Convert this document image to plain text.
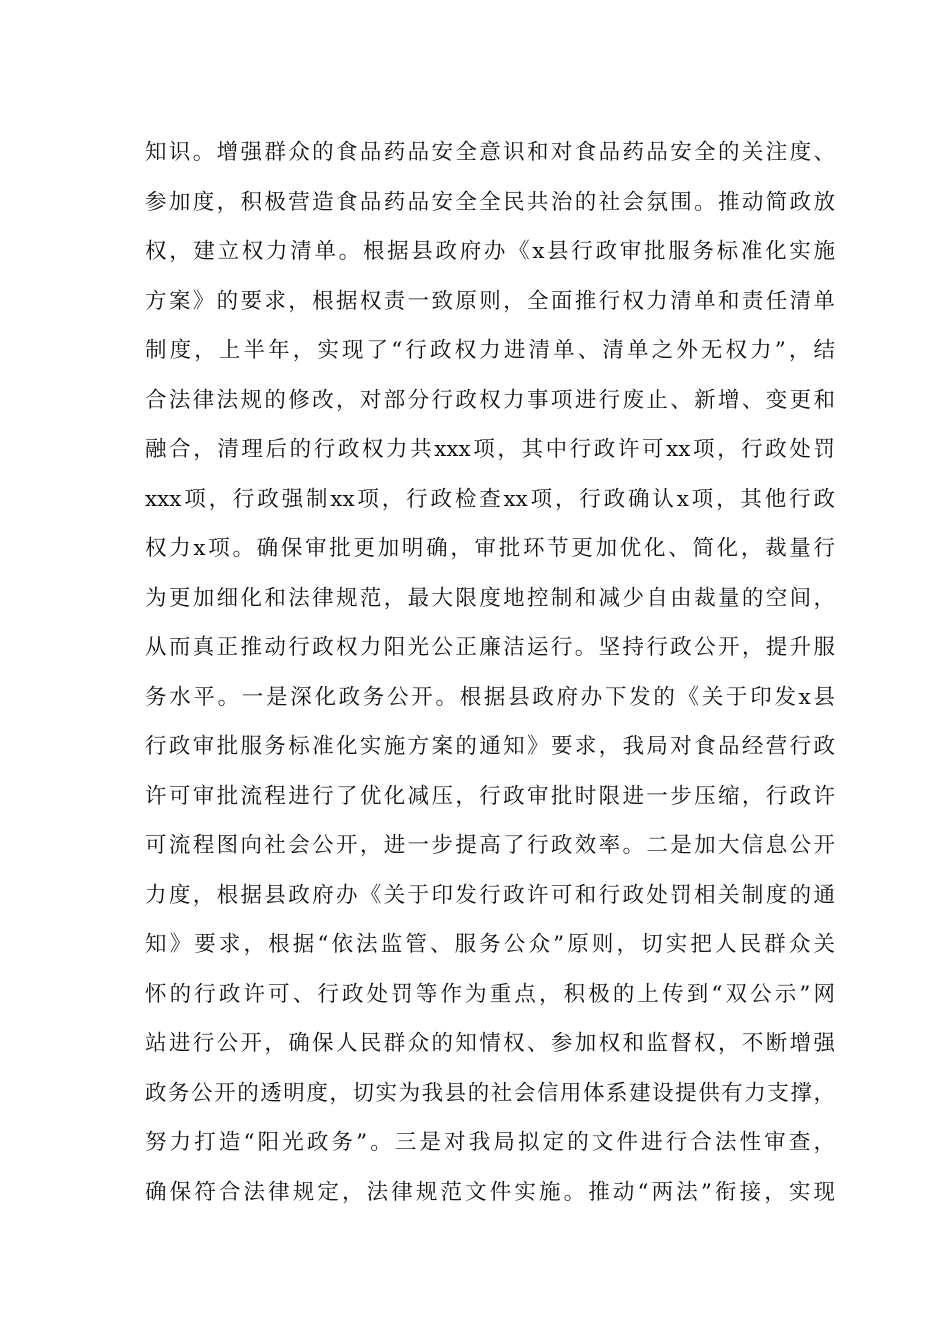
知识。增强群众的食品药品安全意识和对食品药品安全的关注度、
参加度，积极营造食品药品安全全民共治的社会氛围。推动简政放
权，建立权力清单。根据县政府办《x县行政审批服务标准化实施
方案》的要求，根据权责一致原则，全面推行权力清单和责任清单
制度，上半年，实现了“行政权力进清单、清单之外无权力”，结
合法律法规的修改，对部分行政权力事项进行废止、新增、变更和
融合，清理后的行政权力共xxx项，其中行政许可xx项，行政处罚
xxx项，行政强制xx项，行政检查xx项，行政确认x项，其他行政
权力x项。确保审批更加明确，审批环节更加优化、简化，裁量行
为更加细化和法律规范，最大限度地控制和减少自由裁量的空间，
从而真正推动行政权力阳光公正廉洁运行。坚持行政公开，提升服
务水平。一是深化政务公开。根据县政府办下发的《关于印发x县
行政审批服务标准化实施方案的通知》要求，我局对食品经营行政
许可审批流程进行了优化减压，行政审批时限进一步压缩，行政许
可流程图向社会公开，进一步提高了行政效率。二是加大信息公开
力度，根据县政府办《关于印发行政许可和行政处罚相关制度的通
知》要求，根据“依法监管、服务公众”原则，切实把人民群众关
怀的行政许可、行政处罚等作为重点，积极的上传到“双公示”网
站进行公开，确保人民群众的知情权、参加权和监督权，不断增强
政务公开的透明度，切实为我县的社会信用体系建设提供有力支撑，
努力打造“阳光政务”。三是对我局拟定的文件进行合法性审查，
确保符合法律规定，法律规范文件实施。推动“两法”衔接，实现
